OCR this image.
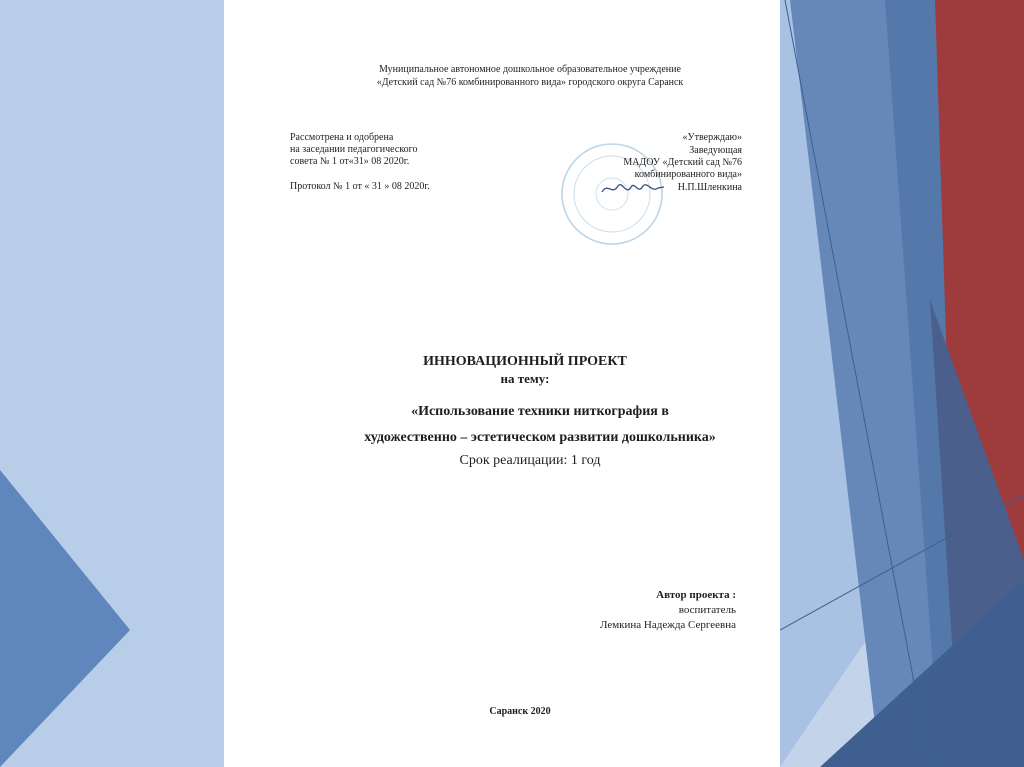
Муниципальное автономное дошкольное образовательное учреждение
«Детский сад №76 комбинированного вида» городского округа Саранск
Рассмотрена и одобрена
на заседании педагогического
совета № 1 от«31» 08 2020г.
Протокол № 1 от « 31 » 08 2020г.
«Утверждаю»
Заведующая
МАДОУ «Детский сад №76
комбинированного вида»
Н.П.Шленкина
ИННОВАЦИОННЫЙ ПРОЕКТ
на тему:
«Использование техники ниткография в
художественно – эстетическом развитии дошкольника»
Срок реалицации: 1 год
Автор проекта :
воспитатель
Лемкина Надежда Сергеевна
Саранск 2020
